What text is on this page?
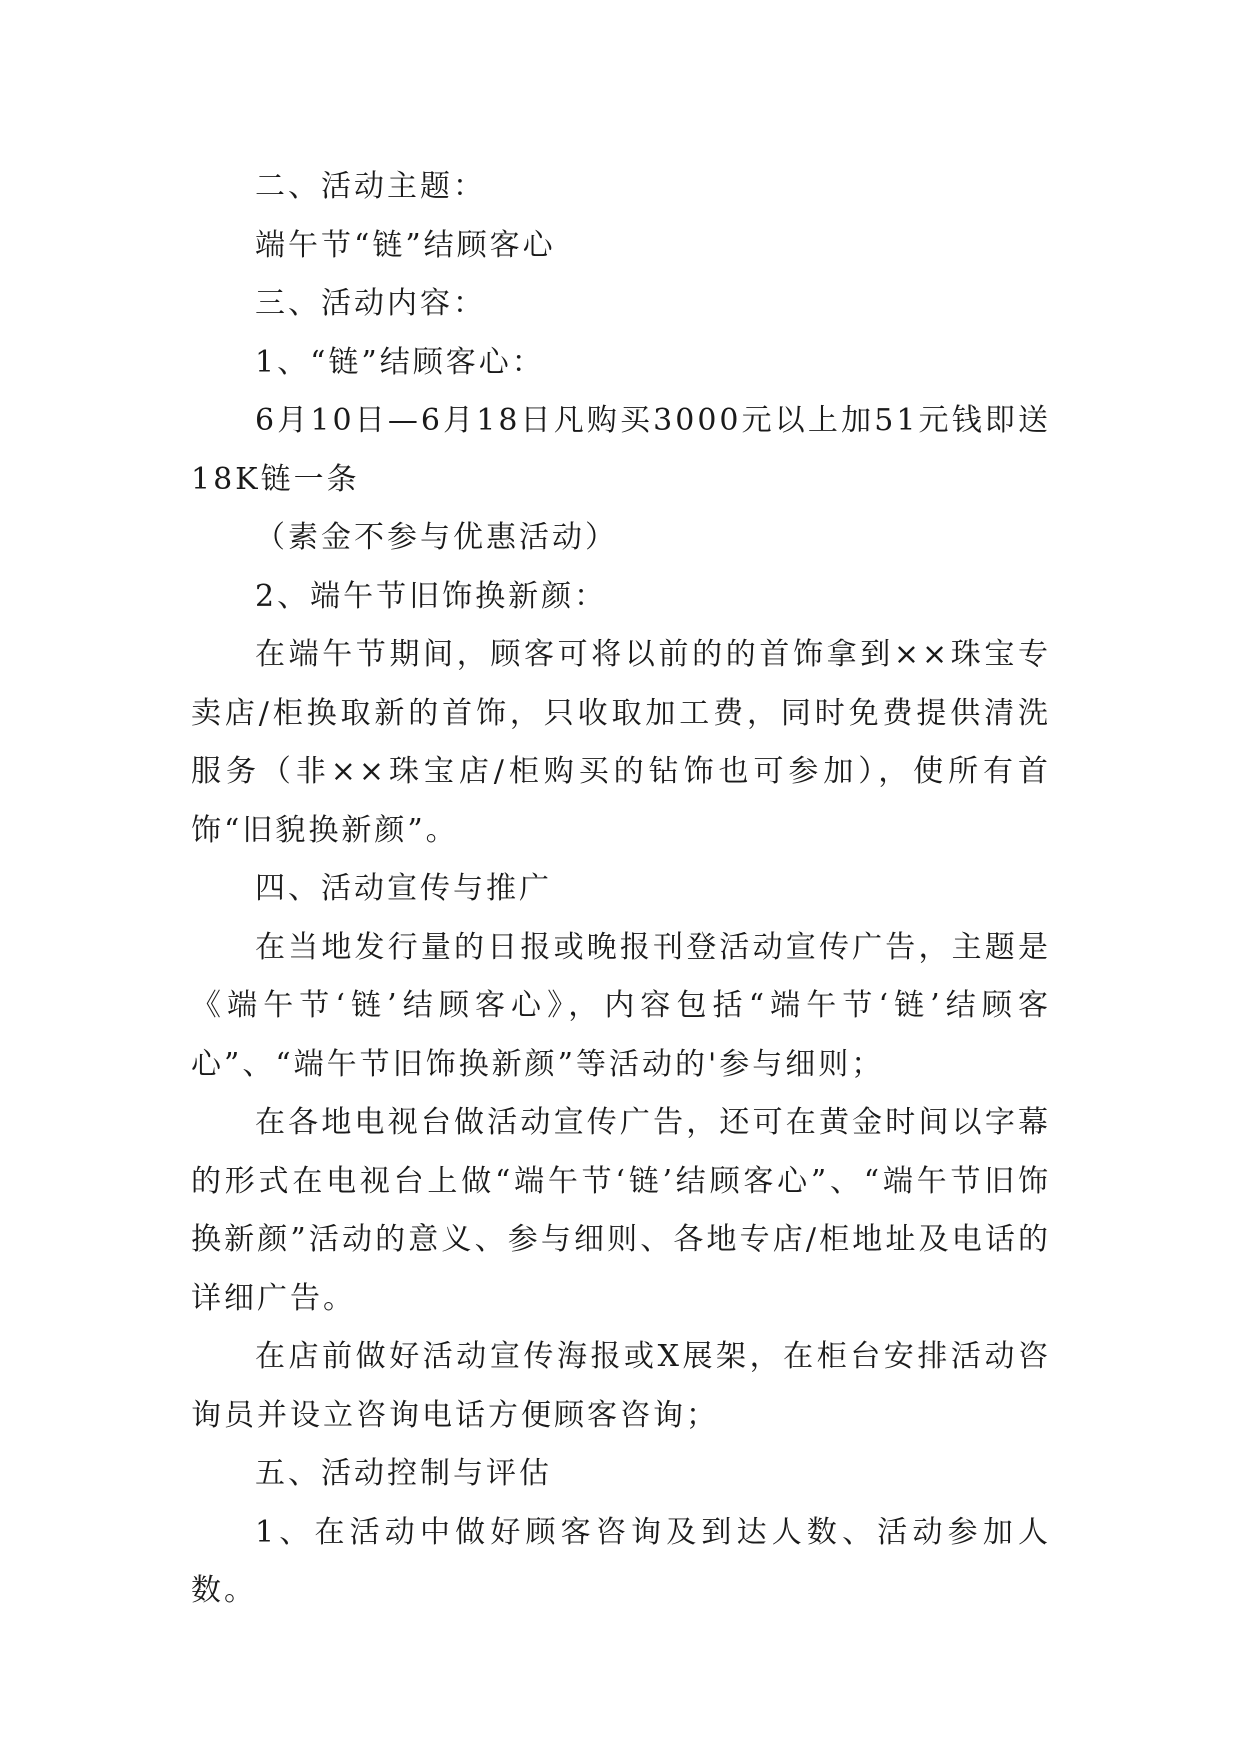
二、活动主题：

端午节“链”结顾客心

三、活动内容：

1、“链”结顾客心：

6月10日—6月18日凡购买3000元以上加51元钱即送18K链一条

（素金不参与优惠活动）

2、端午节旧饰换新颜：

在端午节期间，顾客可将以前的的首饰拿到××珠宝专卖店/柜换取新的首饰，只收取加工费，同时免费提供清洗服务（非××珠宝店/柜购买的钻饰也可参加），使所有首饰“旧貌换新颜”。

四、活动宣传与推广

在当地发行量的日报或晚报刊登活动宣传广告，主题是《端午节‘链’结顾客心》，内容包括“端午节‘链’结顾客心”、“端午节旧饰换新颜”等活动的'参与细则；

在各地电视台做活动宣传广告，还可在黄金时间以字幕的形式在电视台上做“端午节‘链’结顾客心”、“端午节旧饰换新颜”活动的意义、参与细则、各地专店/柜地址及电话的详细广告。

在店前做好活动宣传海报或X展架，在柜台安排活动咨询员并设立咨询电话方便顾客咨询；

五、活动控制与评估

1、在活动中做好顾客咨询及到达人数、活动参加人数。
